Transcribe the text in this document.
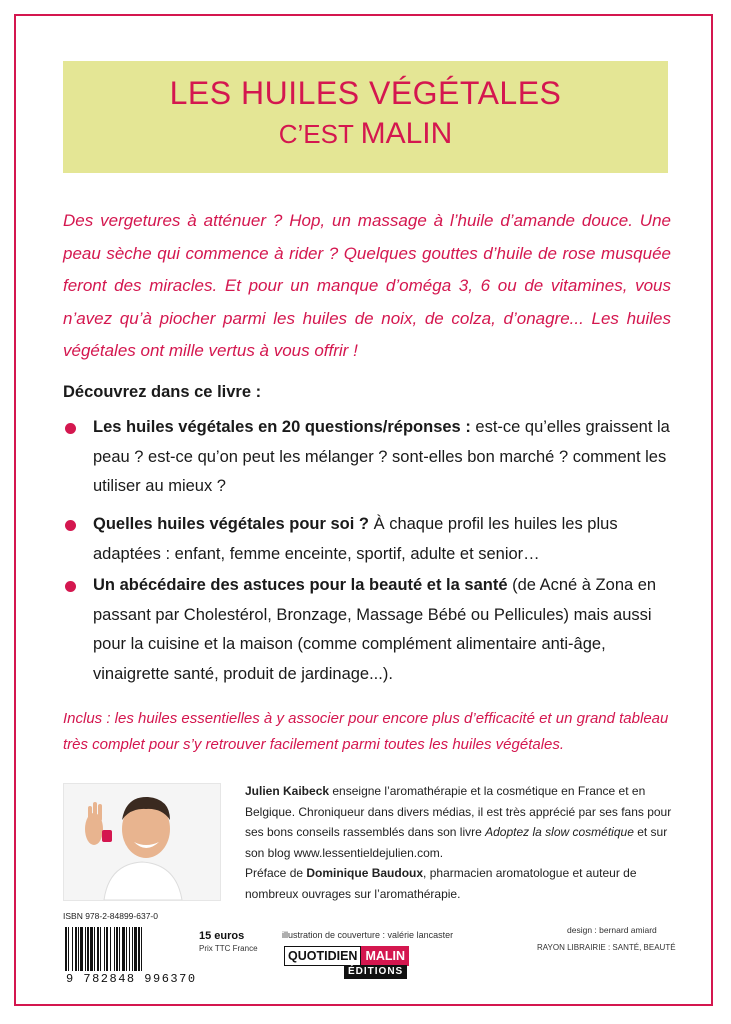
LES HUILES VÉGÉTALES
C’EST MALIN

Des vergetures à atténuer ? Hop, un massage à l’huile d’amande douce. Une peau sèche qui commence à rider ? Quelques gouttes d’huile de rose musquée feront des miracles. Et pour un manque d’oméga 3, 6 ou de vitamines, vous n’avez qu’à piocher parmi les huiles de noix, de colza, d’onagre... Les huiles végétales ont mille vertus à vous offrir !

Découvrez dans ce livre :

Les huiles végétales en 20 questions/réponses : est-ce qu’elles graissent la peau ? est-ce qu’on peut les mélanger ? sont-elles bon marché ? comment les utiliser au mieux ?

Quelles huiles végétales pour soi ? À chaque profil les huiles les plus adaptées : enfant, femme enceinte, sportif, adulte et senior…

Un abécédaire des astuces pour la beauté et la santé (de Acné à Zona en passant par Cholestérol, Bronzage, Massage Bébé ou Pellicules) mais aussi pour la cuisine et la maison (comme complément alimentaire anti-âge, vinaigrette santé, produit de jardinage...).

Inclus : les huiles essentielles à y associer pour encore plus d’efficacité et un grand tableau très complet pour s’y retrouver facilement parmi toutes les huiles végétales.

Julien Kaibeck enseigne l’aromathérapie et la cosmétique en France et en Belgique. Chroniqueur dans divers médias, il est très apprécié par ses fans pour ses bons conseils rassemblés dans son livre Adoptez la slow cosmétique et sur son blog www.lessentieldejulien.com.

Préface de Dominique Baudoux, pharmacien aromatologue et auteur de nombreux ouvrages sur l’aromathérapie.

ISBN 978-2-84899-637-0
9 782848 996370
15 euros
Prix TTC France
illustration de couverture : valérie lancaster
QUOTIDIEN MALIN
ÉDITIONS
design : bernard amiard
RAYON LIBRAIRIE : SANTÉ, BEAUTÉ
